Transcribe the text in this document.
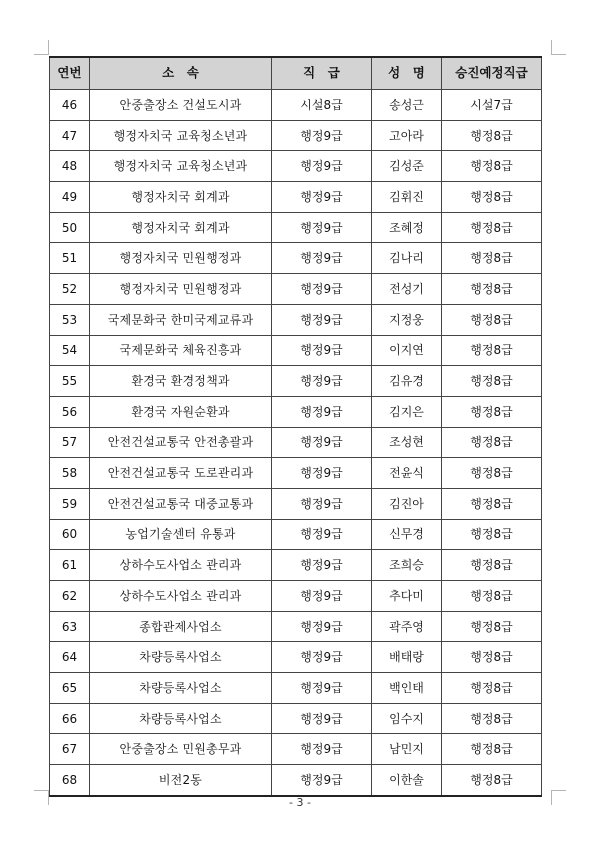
연번	소　속	직　급	성　명	승진예정직급
46	안중출장소 건설도시과	시설8급	송성근	시설7급
47	행정자치국 교육청소년과	행정9급	고아라	행정8급
48	행정자치국 교육청소년과	행정9급	김성준	행정8급
49	행정자치국 회계과	행정9급	김휘진	행정8급
50	행정자치국 회계과	행정9급	조혜정	행정8급
51	행정자치국 민원행정과	행정9급	김나리	행정8급
52	행정자치국 민원행정과	행정9급	전성기	행정8급
53	국제문화국 한미국제교류과	행정9급	지정웅	행정8급
54	국제문화국 체육진흥과	행정9급	이지연	행정8급
55	환경국 환경정책과	행정9급	김유경	행정8급
56	환경국 자원순환과	행정9급	김지은	행정8급
57	안전건설교통국 안전총괄과	행정9급	조성현	행정8급
58	안전건설교통국 도로관리과	행정9급	전윤식	행정8급
59	안전건설교통국 대중교통과	행정9급	김진아	행정8급
60	농업기술센터 유통과	행정9급	신무경	행정8급
61	상하수도사업소 관리과	행정9급	조희승	행정8급
62	상하수도사업소 관리과	행정9급	추다미	행정8급
63	종합관제사업소	행정9급	곽주영	행정8급
64	차량등록사업소	행정9급	배태랑	행정8급
65	차량등록사업소	행정9급	백인태	행정8급
66	차량등록사업소	행정9급	임수지	행정8급
67	안중출장소 민원총무과	행정9급	남민지	행정8급
68	비전2동	행정9급	이한솔	행정8급
- 3 -
